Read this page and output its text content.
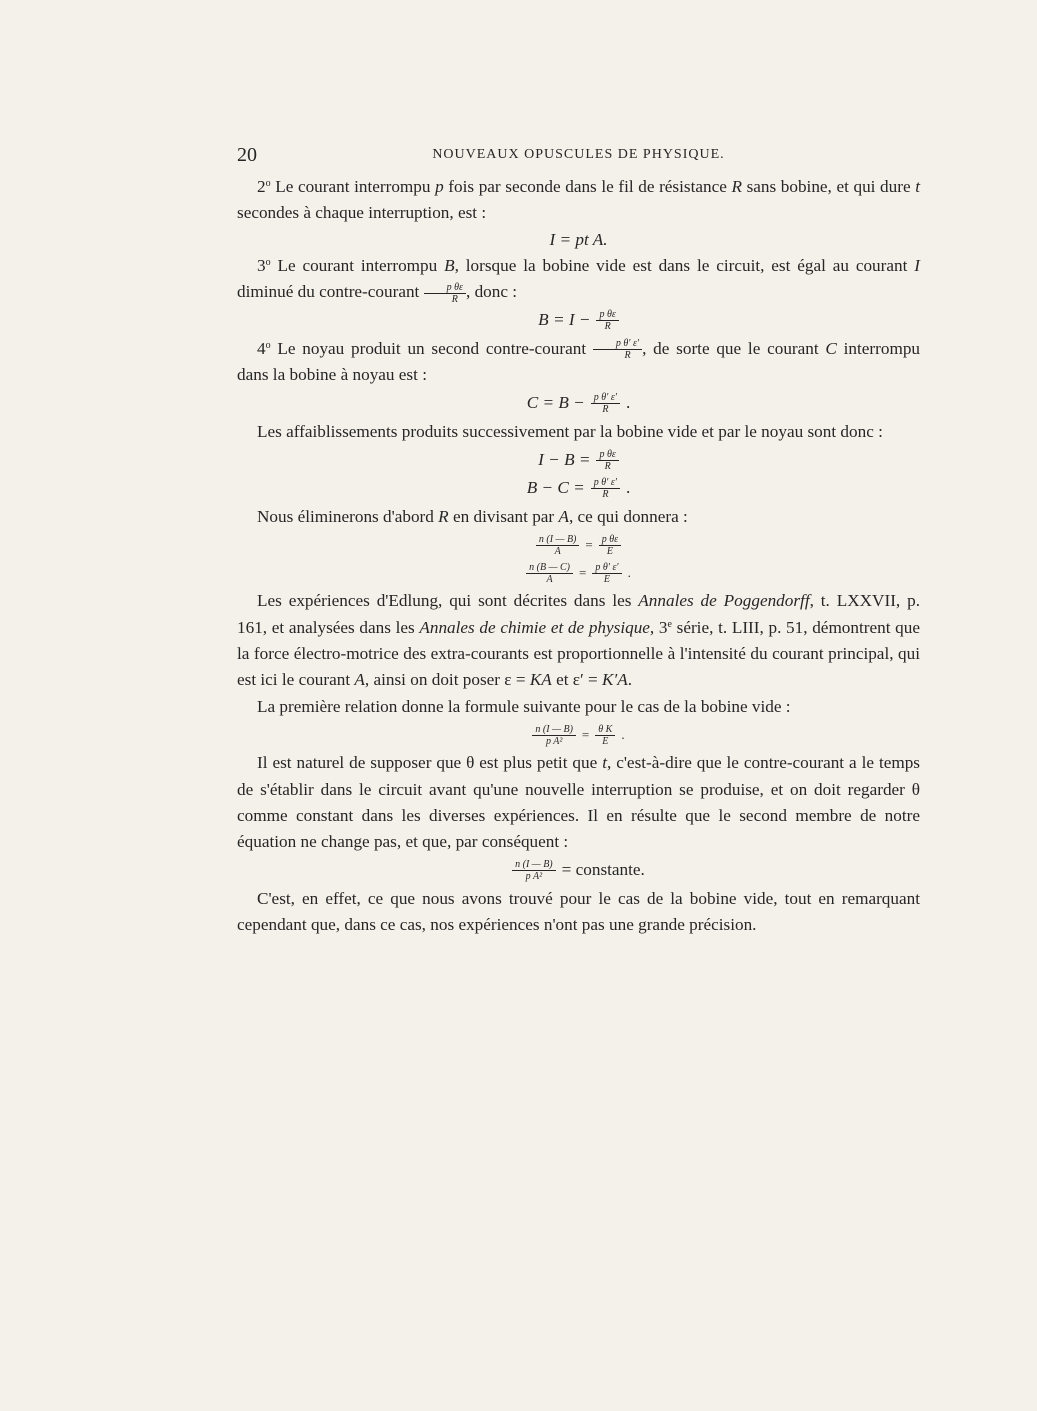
20	NOUVEAUX OPUSCULES DE PHYSIQUE.

2$^o$ Le courant interrompu p fois par seconde dans le fil de résistance R sans bobine, et qui dure t secondes à chaque interruption, est :

I = pt A.

3$^o$ Le courant interrompu B, lorsque la bobine vide est dans le circuit, est égal au courant I diminué du contre-courant $\frac{\text{p θε}}{R}$ , donc :

$B = I - \frac{\text{p θε}}{R}$

4$^o$ Le noyau produit un second contre-courant $\frac{\text{p θ′ ε′}}{R}$ , de sorte que le courant C interrompu dans la bobine à noyau est :

$C = B - \frac{\text{p θ′ ε′}}{R}$ .

Les affaiblissements produits successivement par la bobine vide et par le noyau sont donc :

$I - B = \frac{\text{p θε}}{R}$
$B - C = \frac{\text{p θ′ ε′}}{R}$ .

Nous éliminerons d'abord R en divisant par A, ce qui donnera :

$\frac{n (I — B)}{A} = \frac{\text{p θε}}{E}$
$\frac{n (B — C)}{A} = \frac{\text{p θ′ ε′}}{E}$ .

Les expériences d'Edlung, qui sont décrites dans les Annales de Poggendorff, t. LXXVII, p. 161, et analysées dans les Annales de chimie et de physique, 3e série, t. LIII, p. 51, démontrent que la force électro-motrice des extra-courants est proportionnelle à l'intensité du courant principal, qui est ici le courant A, ainsi on doit poser ε = KA et ε′ = K′A.

La première relation donne la formule suivante pour le cas de la bobine vide :

$\frac{n (I — B)}{\text{p A²}} = \frac{\text{θ K}}{E}$ .

Il est naturel de supposer que θ est plus petit que t, c'est-à-dire que le contre-courant a le temps de s'établir dans le circuit avant qu'une nouvelle interruption se produise, et on doit regarder θ comme constant dans les diverses expériences. Il en résulte que le second membre de notre équation ne change pas, et que, par conséquent :

$\frac{n (I — B)}{\text{p A²}}$ = constante.

C'est, en effet, ce que nous avons trouvé pour le cas de la bobine vide, tout en remarquant cependant que, dans ce cas, nos expériences n'ont pas une grande précision.
